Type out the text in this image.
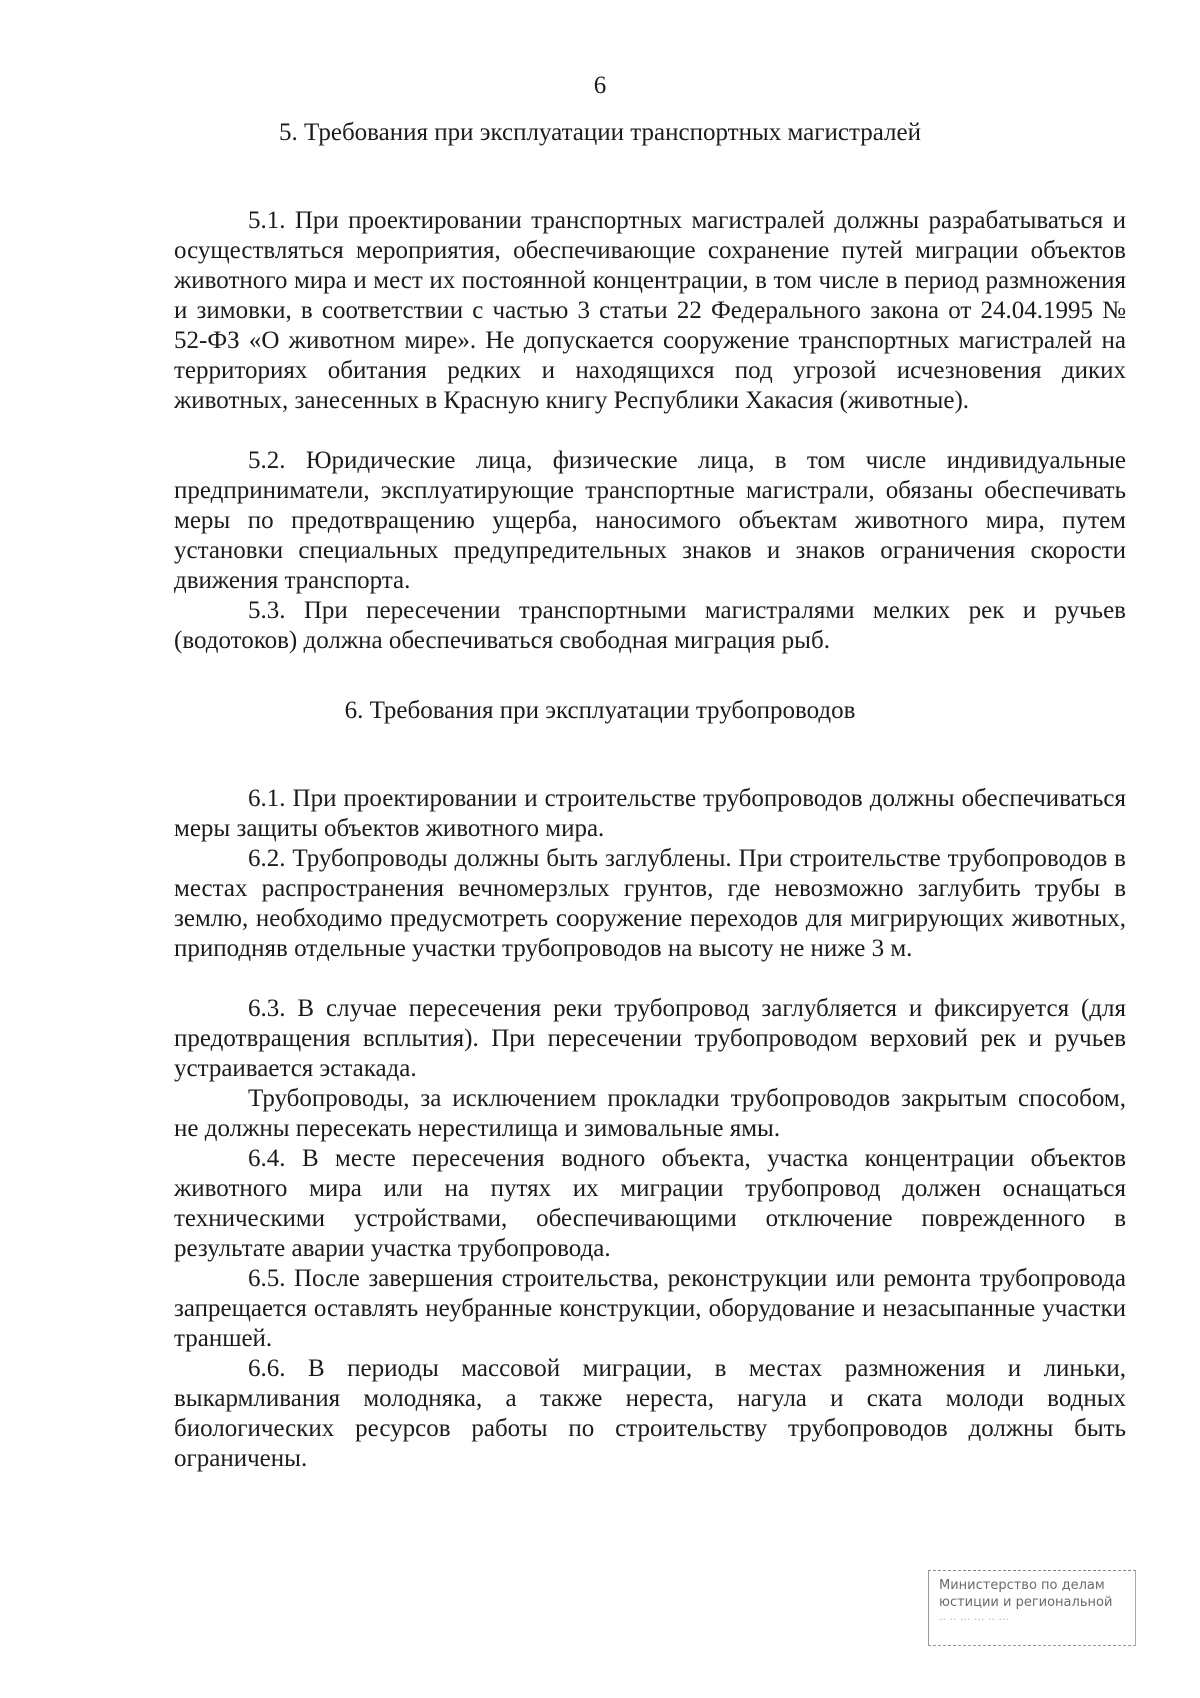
6

5. Требования при эксплуатации транспортных магистралей

5.1. При проектировании транспортных магистралей должны разрабатываться и осуществляться мероприятия, обеспечивающие сохранение путей миграции объектов животного мира и мест их постоянной концентрации, в том числе в период размножения и зимовки, в соответствии с частью 3 статьи 22 Федерального закона от 24.04.1995 № 52-ФЗ «О животном мире». Не допускается сооружение транспортных магистралей на территориях обитания редких и находящихся под угрозой исчезновения диких животных, занесенных в Красную книгу Республики Хакасия (животные).

5.2. Юридические лица, физические лица, в том числе индивидуальные предприниматели, эксплуатирующие транспортные магистрали, обязаны обеспечивать меры по предотвращению ущерба, наносимого объектам животного мира, путем установки специальных предупредительных знаков и знаков ограничения скорости движения транспорта.

5.3. При пересечении транспортными магистралями мелких рек и ручьев (водотоков) должна обеспечиваться свободная миграция рыб.

6. Требования при эксплуатации трубопроводов

6.1. При проектировании и строительстве трубопроводов должны обеспечиваться меры защиты объектов животного мира.

6.2. Трубопроводы должны быть заглублены. При строительстве трубопроводов в местах распространения вечномерзлых грунтов, где невозможно заглубить трубы в землю, необходимо предусмотреть сооружение переходов для мигрирующих животных, приподняв отдельные участки трубопроводов на высоту не ниже 3 м.

6.3. В случае пересечения реки трубопровод заглубляется и фиксируется (для предотвращения всплытия). При пересечении трубопроводом верховий рек и ручьев устраивается эстакада.

Трубопроводы, за исключением прокладки трубопроводов закрытым способом, не должны пересекать нерестилища и зимовальные ямы.

6.4. В месте пересечения водного объекта, участка концентрации объектов животного мира или на путях их миграции трубопровод должен оснащаться техническими устройствами, обеспечивающими отключение поврежденного в результате аварии участка трубопровода.

6.5. После завершения строительства, реконструкции или ремонта трубопровода запрещается оставлять неубранные конструкции, оборудование и незасыпанные участки траншей.

6.6. В периоды массовой миграции, в местах размножения и линьки, выкармливания молодняка, а также нереста, нагула и ската молоди водных биологических ресурсов работы по строительству трубопроводов должны быть ограничены.

Министерство по делам
юстиции и региональной
·· ·· ··· ··· ·· ···
